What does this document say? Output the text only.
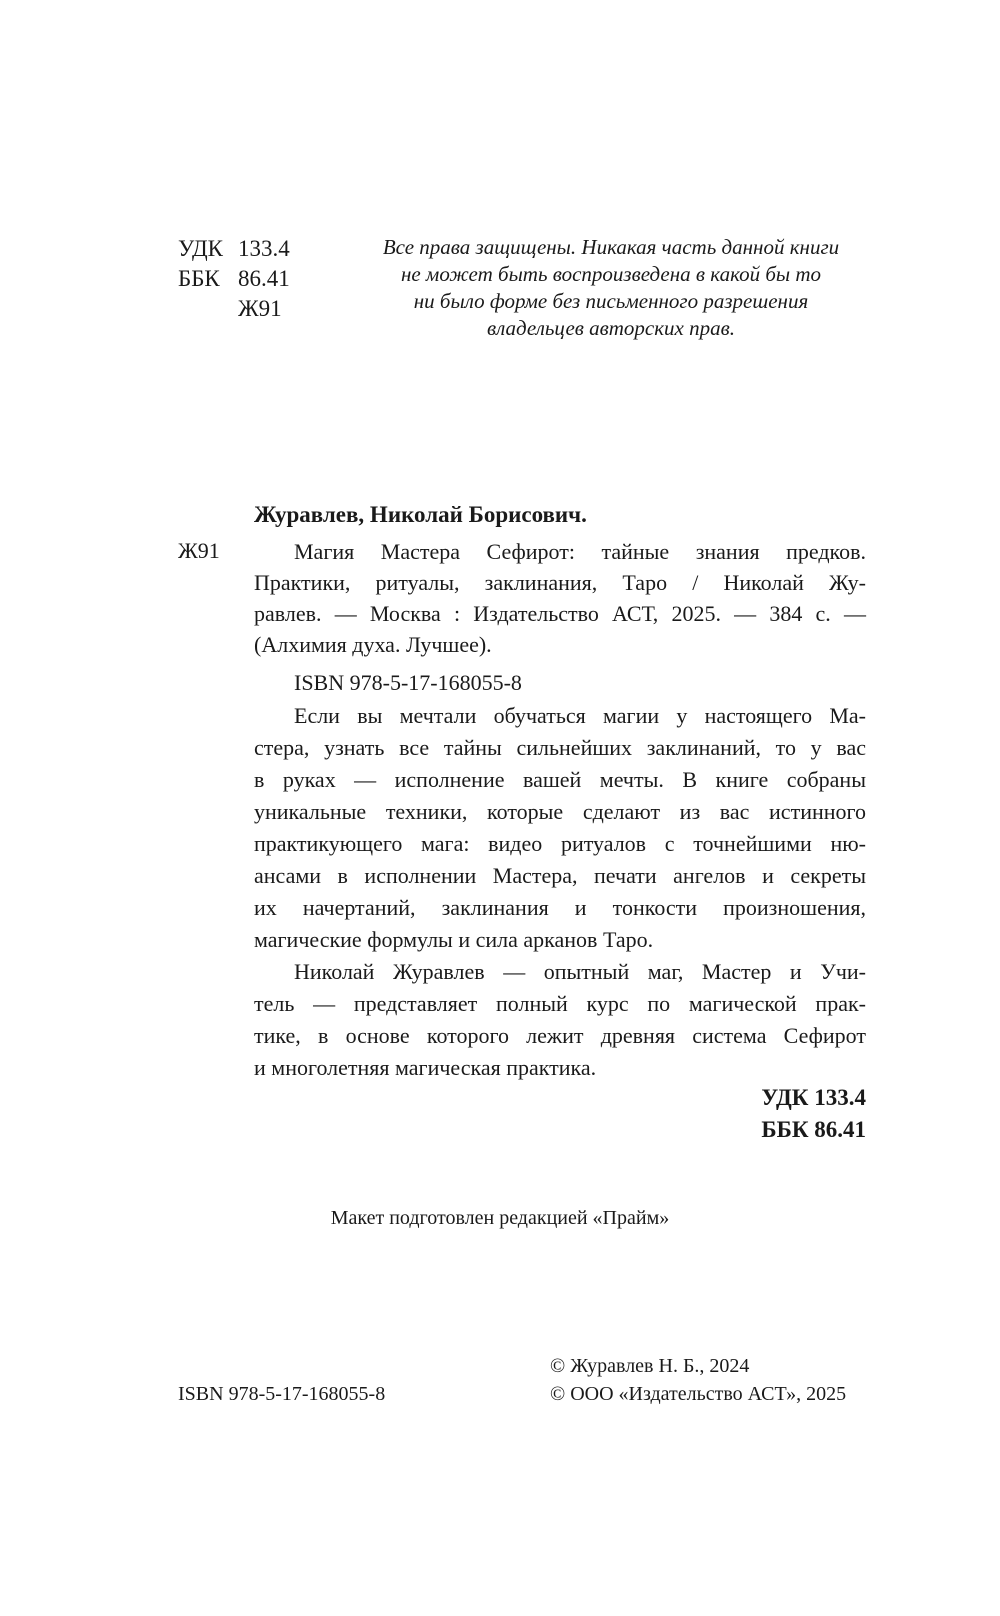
УДК 133.4
ББК 86.41
Ж91
Все права защищены. Никакая часть данной книги
не может быть воспроизведена в какой бы то
ни было форме без письменного разрешения
владельцев авторских прав.
Журавлев, Николай Борисович.
Ж91	Магия Мастера Сефирот: тайные знания предков.
Практики, ритуалы, заклинания, Таро / Николай Жу-
равлев. — Москва : Издательство АСТ, 2025. — 384 с. —
(Алхимия духа. Лучшее).
ISBN 978-5-17-168055-8
Если вы мечтали обучаться магии у настоящего Ма-
стера, узнать все тайны сильнейших заклинаний, то у вас
в руках — исполнение вашей мечты. В книге собраны
уникальные техники, которые сделают из вас истинного
практикующего мага: видео ритуалов с точнейшими ню-
ансами в исполнении Мастера, печати ангелов и секреты
их начертаний, заклинания и тонкости произношения,
магические формулы и сила арканов Таро.
Николай Журавлев — опытный маг, Мастер и Учи-
тель — представляет полный курс по магической прак-
тике, в основе которого лежит древняя система Сефирот
и многолетняя магическая практика.
УДК 133.4
ББК 86.41
Макет подготовлен редакцией «Прайм»
ISBN 978-5-17-168055-8
© Журавлев Н. Б., 2024
© ООО «Издательство АСТ», 2025
